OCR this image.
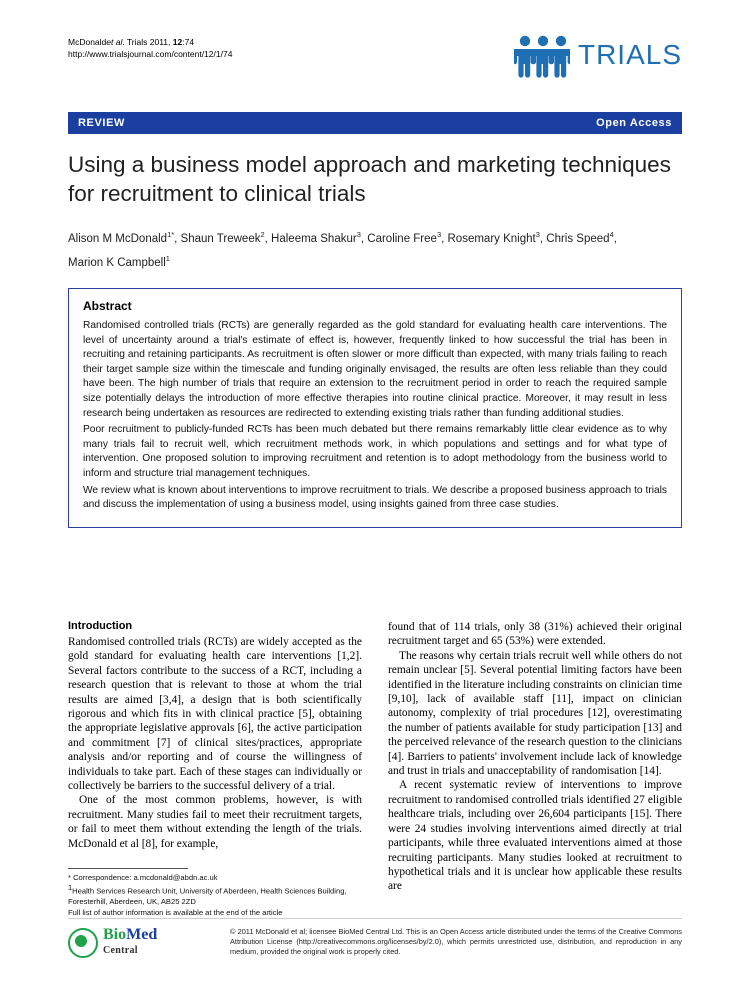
McDonaldet al. Trials 2011, 12:74
http://www.trialsjournal.com/content/12/1/74	TRIALS
REVIEW	Open Access
Using a business model approach and marketing techniques for recruitment to clinical trials
Alison M McDonald$^{1*}$, Shaun Treweek$^2$, Haleema Shakur$^3$, Caroline Free$^3$, Rosemary Knight$^3$, Chris Speed$^4$,
Marion K Campbell$^1$
Abstract

Randomised controlled trials (RCTs) are generally regarded as the gold standard for evaluating health care interventions. The level of uncertainty around a trial's estimate of effect is, however, frequently linked to how successful the trial has been in recruiting and retaining participants. As recruitment is often slower or more difficult than expected, with many trials failing to reach their target sample size within the timescale and funding originally envisaged, the results are often less reliable than they could have been. The high number of trials that require an extension to the recruitment period in order to reach the required sample size potentially delays the introduction of more effective therapies into routine clinical practice. Moreover, it may result in less research being undertaken as resources are redirected to extending existing trials rather than funding additional studies.

Poor recruitment to publicly-funded RCTs has been much debated but there remains remarkably little clear evidence as to why many trials fail to recruit well, which recruitment methods work, in which populations and settings and for what type of intervention. One proposed solution to improving recruitment and retention is to adopt methodology from the business world to inform and structure trial management techniques.

We review what is known about interventions to improve recruitment to trials. We describe a proposed business approach to trials and discuss the implementation of using a business model, using insights gained from three case studies.

Introduction

Randomised controlled trials (RCTs) are widely accepted as the gold standard for evaluating health care interventions [1,2]. Several factors contribute to the success of a RCT, including a research question that is relevant to those at whom the trial results are aimed [3,4], a design that is both scientifically rigorous and which fits in with clinical practice [5], obtaining the appropriate legislative approvals [6], the active participation and commitment [7] of clinical sites/practices, appropriate analysis and/or reporting and of course the willingness of individuals to take part. Each of these stages can individually or collectively be barriers to the successful delivery of a trial.

One of the most common problems, however, is with recruitment. Many studies fail to meet their recruitment targets, or fail to meet them without extending the length of the trials. McDonald et al [8], for example,

found that of 114 trials, only 38 (31%) achieved their original recruitment target and 65 (53%) were extended.

The reasons why certain trials recruit well while others do not remain unclear [5]. Several potential limiting factors have been identified in the literature including constraints on clinician time [9,10], lack of available staff [11], impact on clinician autonomy, complexity of trial procedures [12], overestimating the number of patients available for study participation [13] and the perceived relevance of the research question to the clinicians [4]. Barriers to patients' involvement include lack of knowledge and trust in trials and unacceptability of randomisation [14].

A recent systematic review of interventions to improve recruitment to randomised controlled trials identified 27 eligible healthcare trials, including over 26,604 participants [15]. There were 24 studies involving interventions aimed directly at trial participants, while three evaluated interventions aimed at those recruiting participants. Many studies looked at recruitment to hypothetical trials and it is unclear how applicable these results are

* Correspondence: a.mcdonald@abdn.ac.uk
$^1$Health Services Research Unit, University of Aberdeen, Health Sciences Building, Foresterhill, Aberdeen, UK, AB25 2ZD
Full list of author information is available at the end of the article
BioMed
Central
© 2011 McDonald et al; licensee BioMed Central Ltd. This is an Open Access article distributed under the terms of the Creative Commons Attribution License (http://creativecommons.org/licenses/by/2.0), which permits unrestricted use, distribution, and reproduction in any medium, provided the original work is properly cited.
